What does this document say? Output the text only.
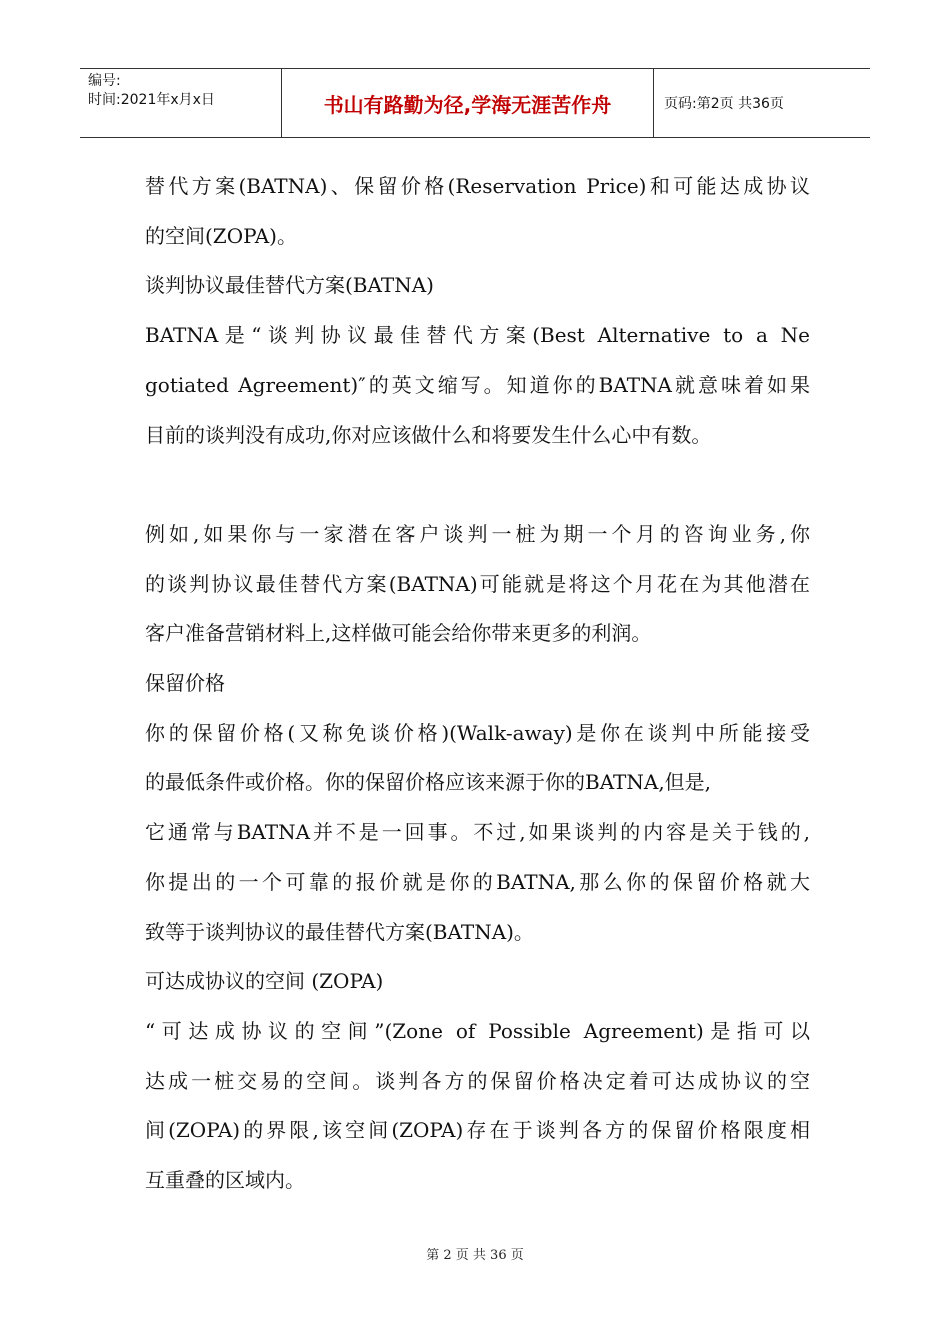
编号:
时间:2021年x月x日	书山有路勤为径,学海无涯苦作舟	页码:第2页 共36页

替代方案(BATNA)、保留价格(Reservation Price)和可能达成协议

的空间(ZOPA)。

谈判协议最佳替代方案(BATNA)

BATNA是“谈判协议最佳替代方案(Best Alternative to a Ne

gotiated Agreement)″的英文缩写。知道你的BATNA就意味着如果

目前的谈判没有成功,你对应该做什么和将要发生什么心中有数。

例如,如果你与一家潜在客户谈判一桩为期一个月的咨询业务,你

的谈判协议最佳替代方案(BATNA)可能就是将这个月花在为其他潜在

客户准备营销材料上,这样做可能会给你带来更多的利润。

保留价格

你的保留价格(又称免谈价格)(Walk-away)是你在谈判中所能接受

的最低条件或价格。你的保留价格应该来源于你的BATNA,但是,

它通常与BATNA并不是一回事。不过,如果谈判的内容是关于钱的,

你提出的一个可靠的报价就是你的BATNA,那么你的保留价格就大

致等于谈判协议的最佳替代方案(BATNA)。

可达成协议的空间 (ZOPA)

“可达成协议的空间”(Zone of Possible Agreement)是指可以

达成一桩交易的空间。谈判各方的保留价格决定着可达成协议的空

间(ZOPA)的界限,该空间(ZOPA)存在于谈判各方的保留价格限度相

互重叠的区域内。

第 2 页 共 36 页
